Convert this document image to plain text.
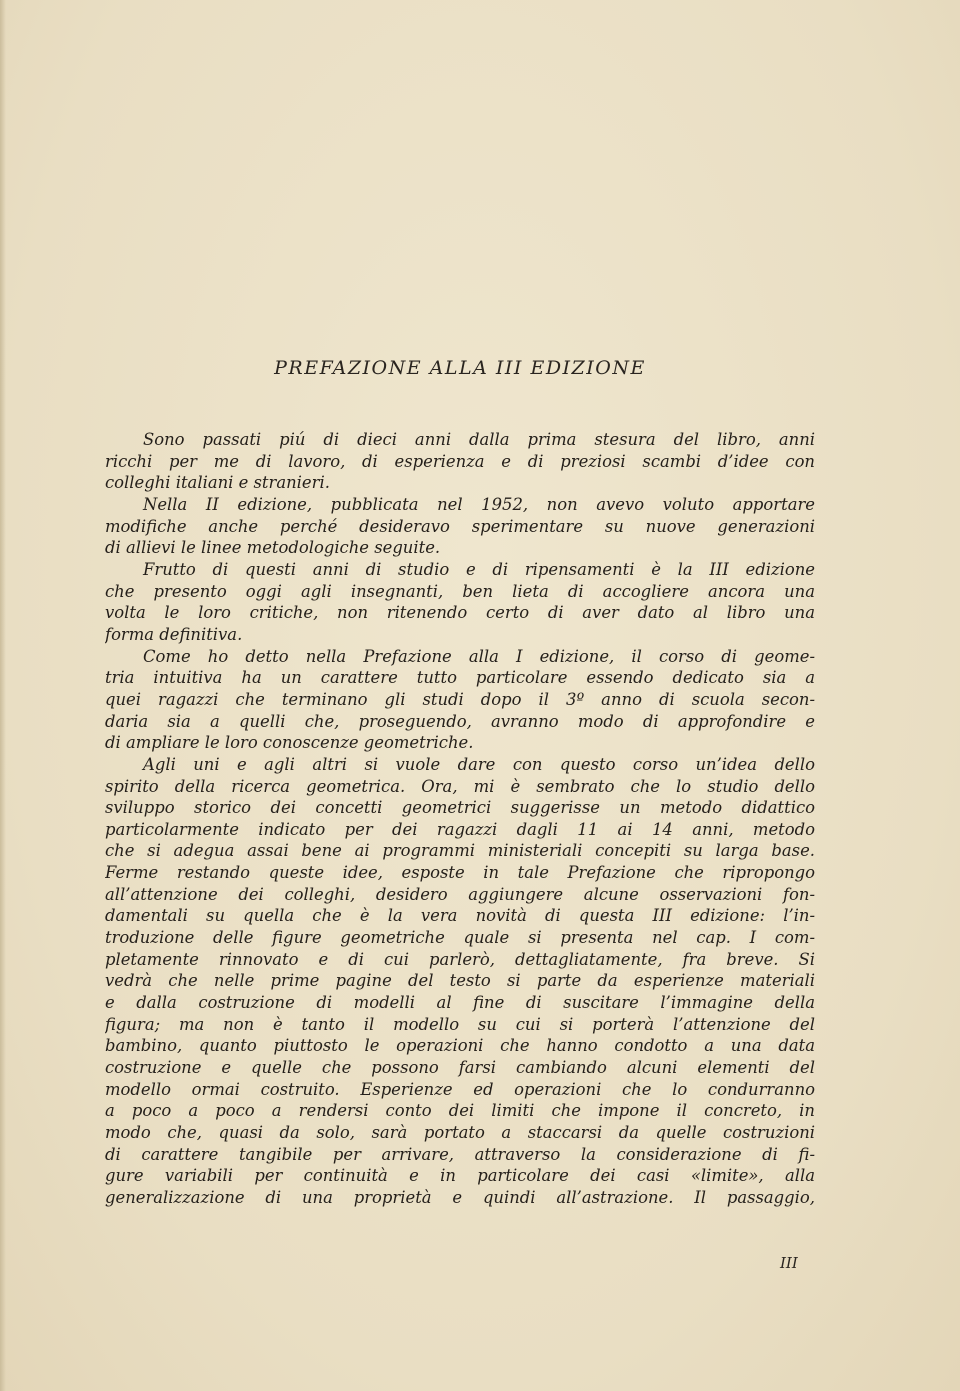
PREFAZIONE ALLA III EDIZIONE
Sono passati piú di dieci anni dalla prima stesura del libro, anni
ricchi per me di lavoro, di esperienza e di preziosi scambi d’idee con
colleghi italiani e stranieri.
Nella II edizione, pubblicata nel 1952, non avevo voluto apportare
modifiche anche perché desideravo sperimentare su nuove generazioni
di allievi le linee metodologiche seguite.
Frutto di questi anni di studio e di ripensamenti è la III edizione
che presento oggi agli insegnanti, ben lieta di accogliere ancora una
volta le loro critiche, non ritenendo certo di aver dato al libro una
forma definitiva.
Come ho detto nella Prefazione alla I edizione, il corso di geome-
tria intuitiva ha un carattere tutto particolare essendo dedicato sia a
quei ragazzi che terminano gli studi dopo il 3º anno di scuola secon-
daria sia a quelli che, proseguendo, avranno modo di approfondire e
di ampliare le loro conoscenze geometriche.
Agli uni e agli altri si vuole dare con questo corso un’idea dello
spirito della ricerca geometrica. Ora, mi è sembrato che lo studio dello
sviluppo storico dei concetti geometrici suggerisse un metodo didattico
particolarmente indicato per dei ragazzi dagli 11 ai 14 anni, metodo
che si adegua assai bene ai programmi ministeriali concepiti su larga base.
Ferme restando queste idee, esposte in tale Prefazione che ripropongo
all’attenzione dei colleghi, desidero aggiungere alcune osservazioni fon-
damentali su quella che è la vera novità di questa III edizione: l’in-
troduzione delle figure geometriche quale si presenta nel cap. I com-
pletamente rinnovato e di cui parlerò, dettagliatamente, fra breve. Si
vedrà che nelle prime pagine del testo si parte da esperienze materiali
e dalla costruzione di modelli al fine di suscitare l’immagine della
figura; ma non è tanto il modello su cui si porterà l’attenzione del
bambino, quanto piuttosto le operazioni che hanno condotto a una data
costruzione e quelle che possono farsi cambiando alcuni elementi del
modello ormai costruito. Esperienze ed operazioni che lo condurranno
a poco a poco a rendersi conto dei limiti che impone il concreto, in
modo che, quasi da solo, sarà portato a staccarsi da quelle costruzioni
di carattere tangibile per arrivare, attraverso la considerazione di fi-
gure variabili per continuità e in particolare dei casi «limite», alla
generalizzazione di una proprietà e quindi all’astrazione. Il passaggio,
III
